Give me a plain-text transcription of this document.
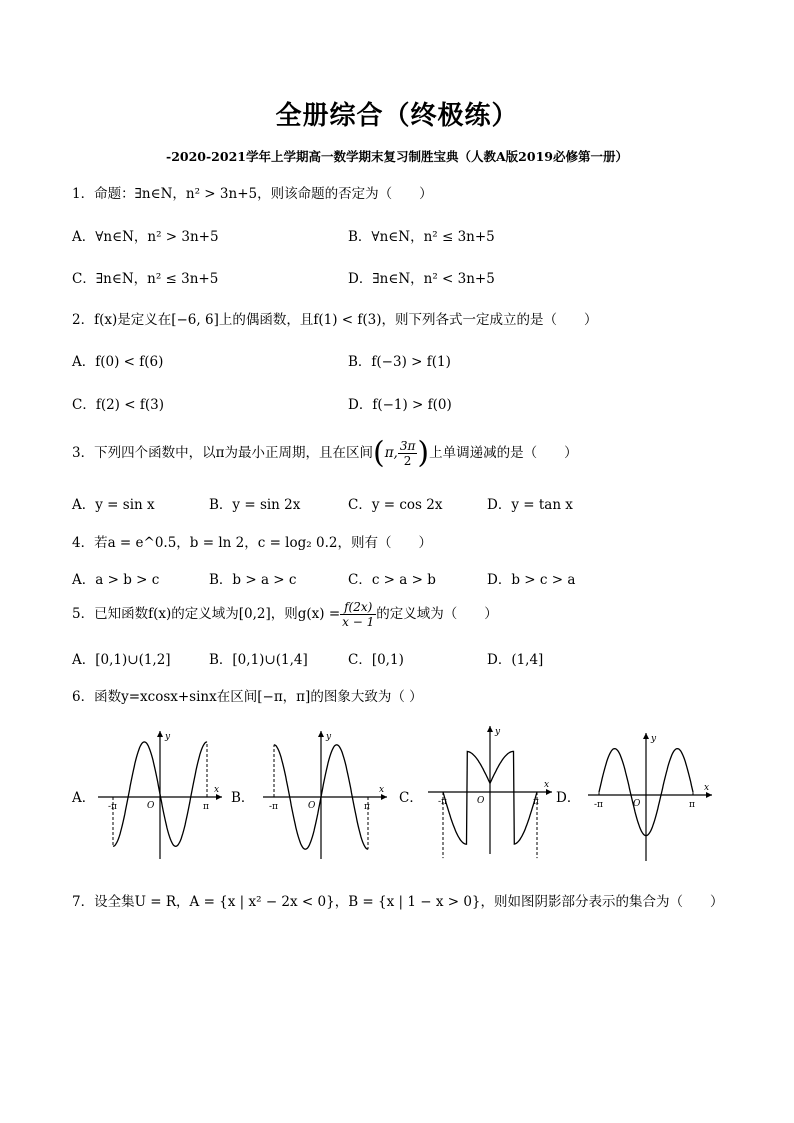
全册综合（终极练）
-2020-2021学年上学期高一数学期末复习制胜宝典（人教A版2019必修第一册）
1．命题：∃n∈N，n² > 3n+5，则该命题的否定为（　　）
A．∀n∈N，n² > 3n+5	B．∀n∈N，n² ≤ 3n+5
C．∃n∈N，n² ≤ 3n+5	D．∃n∈N，n² < 3n+5
2．f(x)是定义在[−6, 6]上的偶函数，且f(1) < f(3)，则下列各式一定成立的是（　　）
A．f(0) < f(6)	B．f(−3) > f(1)
C．f(2) < f(3)	D．f(−1) > f(0)
3．下列四个函数中，以π为最小正周期，且在区间(π, $\frac{3\pi}{2}$ )上单调递减的是（　　）
A．y = sin x	B．y = sin 2x	C．y = cos 2x	D．y = tan x
4．若a = e^0.5，b = ln 2，c = log₂ 0.2，则有（　　）
A．a > b > c	B．b > a > c	C．c > a > b	D．b > c > a
5．已知函数f(x)的定义域为[0,2]，则$g(x) = \frac{f(2x)}{x - 1}$ 的定义域为（　　）
A．[0,1)∪(1,2]	B．[0,1)∪(1,4]	C．[0,1)	D．(1,4]
6．函数y=xcosx+sinx在区间[−π，π]的图象大致为（ ）
A．	B．	C．	D．
y
x
O
-π	π
y
x
O
-π	π
y
x
O
-π	π
y
x
O
-π	π
7．设全集U = R，A = {x | x² − 2x < 0}，B = {x | 1 − x > 0}，则如图阴影部分表示的集合为（　　）
